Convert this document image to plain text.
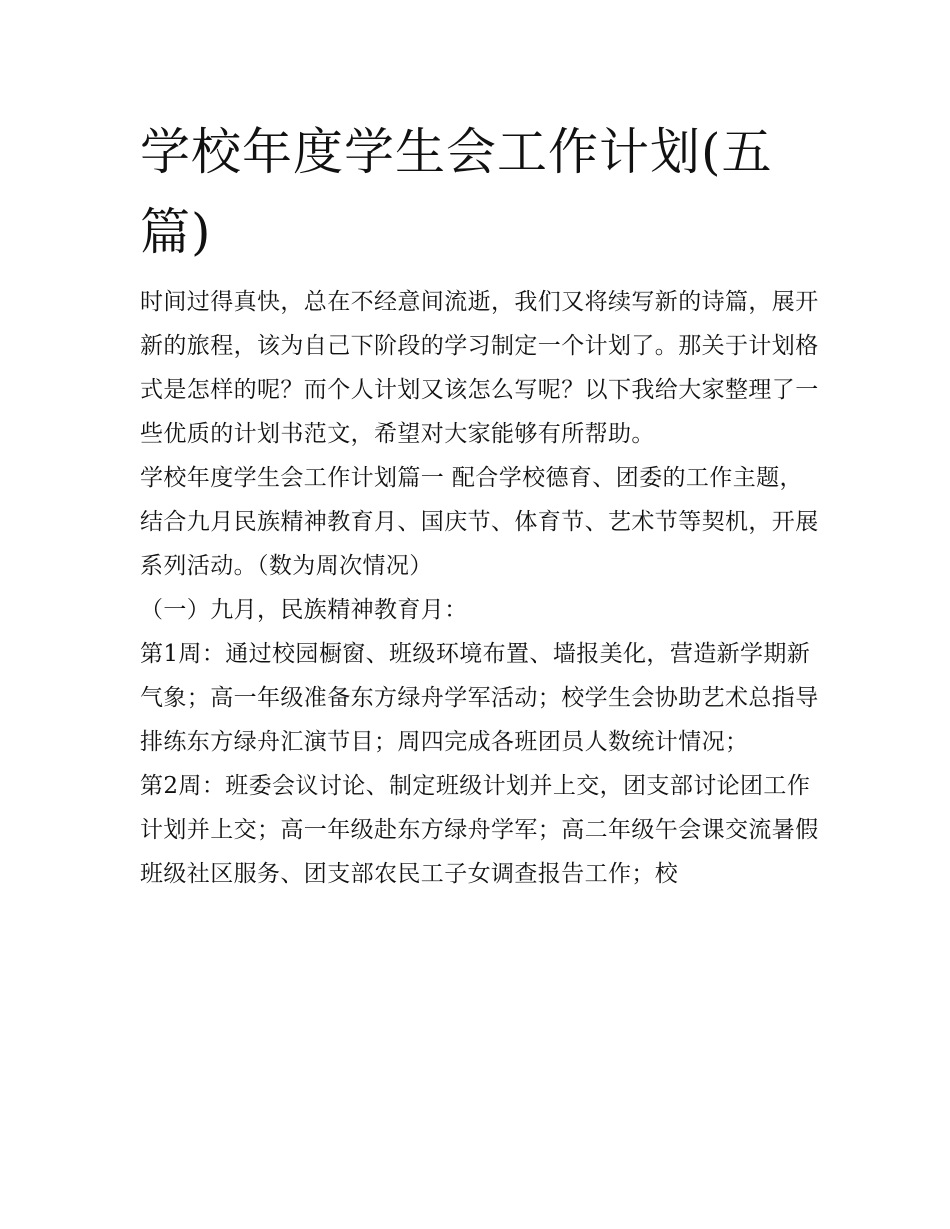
学校年度学生会工作计划(五篇)

时间过得真快，总在不经意间流逝，我们又将续写新的诗篇，展开新的旅程，该为自己下阶段的学习制定一个计划了。那关于计划格式是怎样的呢？而个人计划又该怎么写呢？以下我给大家整理了一些优质的计划书范文，希望对大家能够有所帮助。

学校年度学生会工作计划篇一 配合学校德育、团委的工作主题，结合九月民族精神教育月、国庆节、体育节、艺术节等契机，开展系列活动。（数为周次情况）

（一）九月，民族精神教育月：

第1周：通过校园橱窗、班级环境布置、墙报美化，营造新学期新气象；高一年级准备东方绿舟学军活动；校学生会协助艺术总指导排练东方绿舟汇演节目；周四完成各班团员人数统计情况；

第2周：班委会议讨论、制定班级计划并上交，团支部讨论团工作计划并上交；高一年级赴东方绿舟学军；高二年级午会课交流暑假班级社区服务、团支部农民工子女调查报告工作；校
